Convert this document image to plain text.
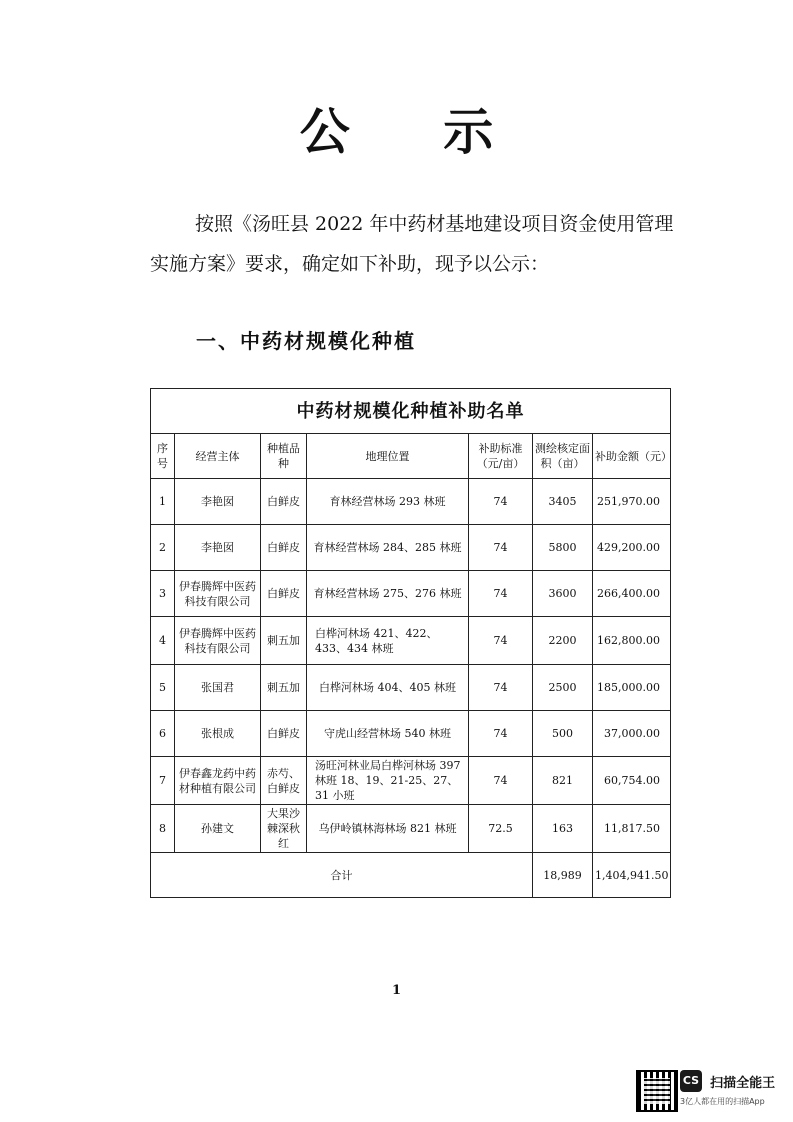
公 示
按照《汤旺县 2022 年中药材基地建设项目资金使用管理实施方案》要求，确定如下补助，现予以公示：
一、中药材规模化种植
中药材规模化种植补助名单						
序号	经营主体	种植品种	地理位置	补助标准（元/亩）	测绘核定面积（亩）	补助金额（元）
1	李艳囡	白鲜皮	育林经营林场 293 林班	74	3405	251,970.00
2	李艳囡	白鲜皮	育林经营林场 284、285 林班	74	5800	429,200.00
3	伊春腾辉中医药科技有限公司	白鲜皮	育林经营林场 275、276 林班	74	3600	266,400.00
4	伊春腾辉中医药科技有限公司	刺五加	白桦河林场 421、422、433、434 林班	74	2200	162,800.00
5	张国君	刺五加	白桦河林场 404、405 林班	74	2500	185,000.00
6	张根成	白鲜皮	守虎山经营林场 540 林班	74	500	37,000.00
7	伊春鑫龙药中药材种植有限公司	赤芍、白鲜皮	汤旺河林业局白桦河林场 397 林班 18、19、21-25、27、31 小班	74	821	60,754.00
8	孙建文	大果沙棘深秋红	乌伊岭镇林海林场 821 林班	72.5	163	11,817.50
合计					18,989	1,404,941.50
1
CS 扫描全能王
3亿人都在用的扫描App
